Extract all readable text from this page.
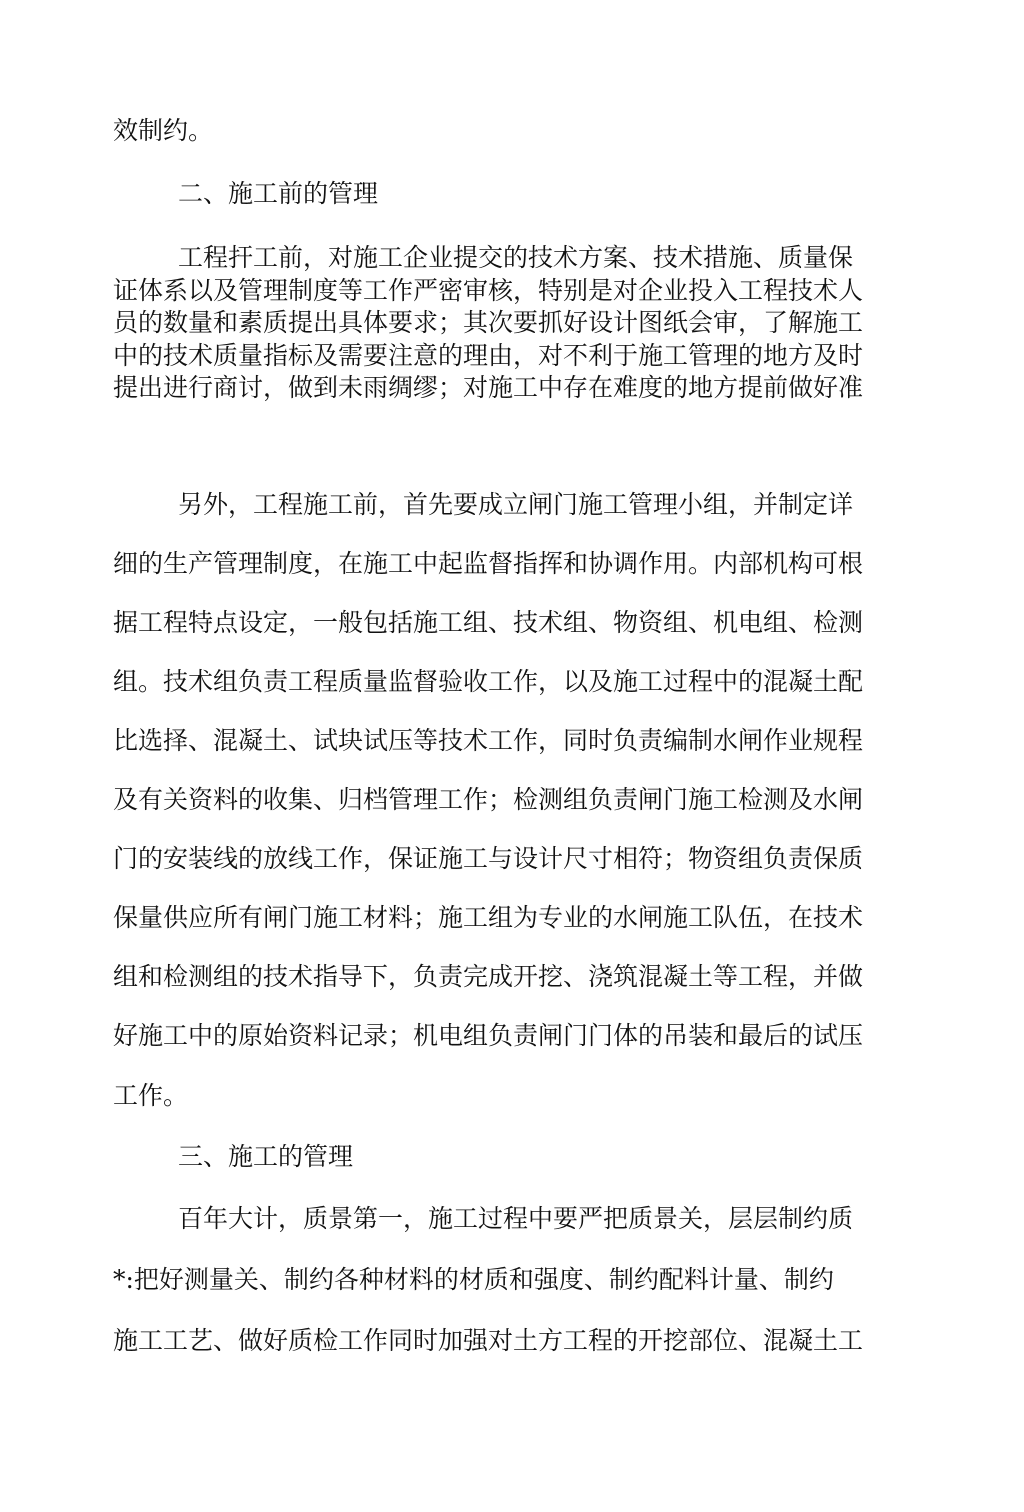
效制约。
二、施工前的管理
工程扞工前，对施工企业提交的技术方案、技术措施、质量保
证体系以及管理制度等工作严密审核，特别是对企业投入工程技术人
员的数量和素质提出具体要求；其次要抓好设计图纸会审，了解施工
中的技术质量指标及需要注意的理由，对不利于施工管理的地方及时
提出进行商讨，做到未雨绸缪；对施工中存在难度的地方提前做好准
另外，工程施工前，首先要成立闸门施工管理小组，并制定详
细的生产管理制度，在施工中起监督指挥和协调作用。内部机构可根
据工程特点设定，一般包括施工组、技术组、物资组、机电组、检测
组。技术组负责工程质量监督验收工作，以及施工过程中的混凝土配
比选择、混凝土、试块试压等技术工作，同时负责编制水闸作业规程
及有关资料的收集、归档管理工作；检测组负责闸门施工检测及水闸
门的安装线的放线工作，保证施工与设计尺寸相符；物资组负责保质
保量供应所有闸门施工材料；施工组为专业的水闸施工队伍，在技术
组和检测组的技术指导下，负责完成开挖、浇筑混凝土等工程，并做
好施工中的原始资料记录；机电组负责闸门门体的吊装和最后的试压
工作。
三、施工的管理
百年大计，质景第一，施工过程中要严把质景关，层层制约质
*:把好测量关、制约各种材料的材质和强度、制约配料计量、制约
施工工艺、做好质检工作同时加强对土方工程的开挖部位、混凝土工
